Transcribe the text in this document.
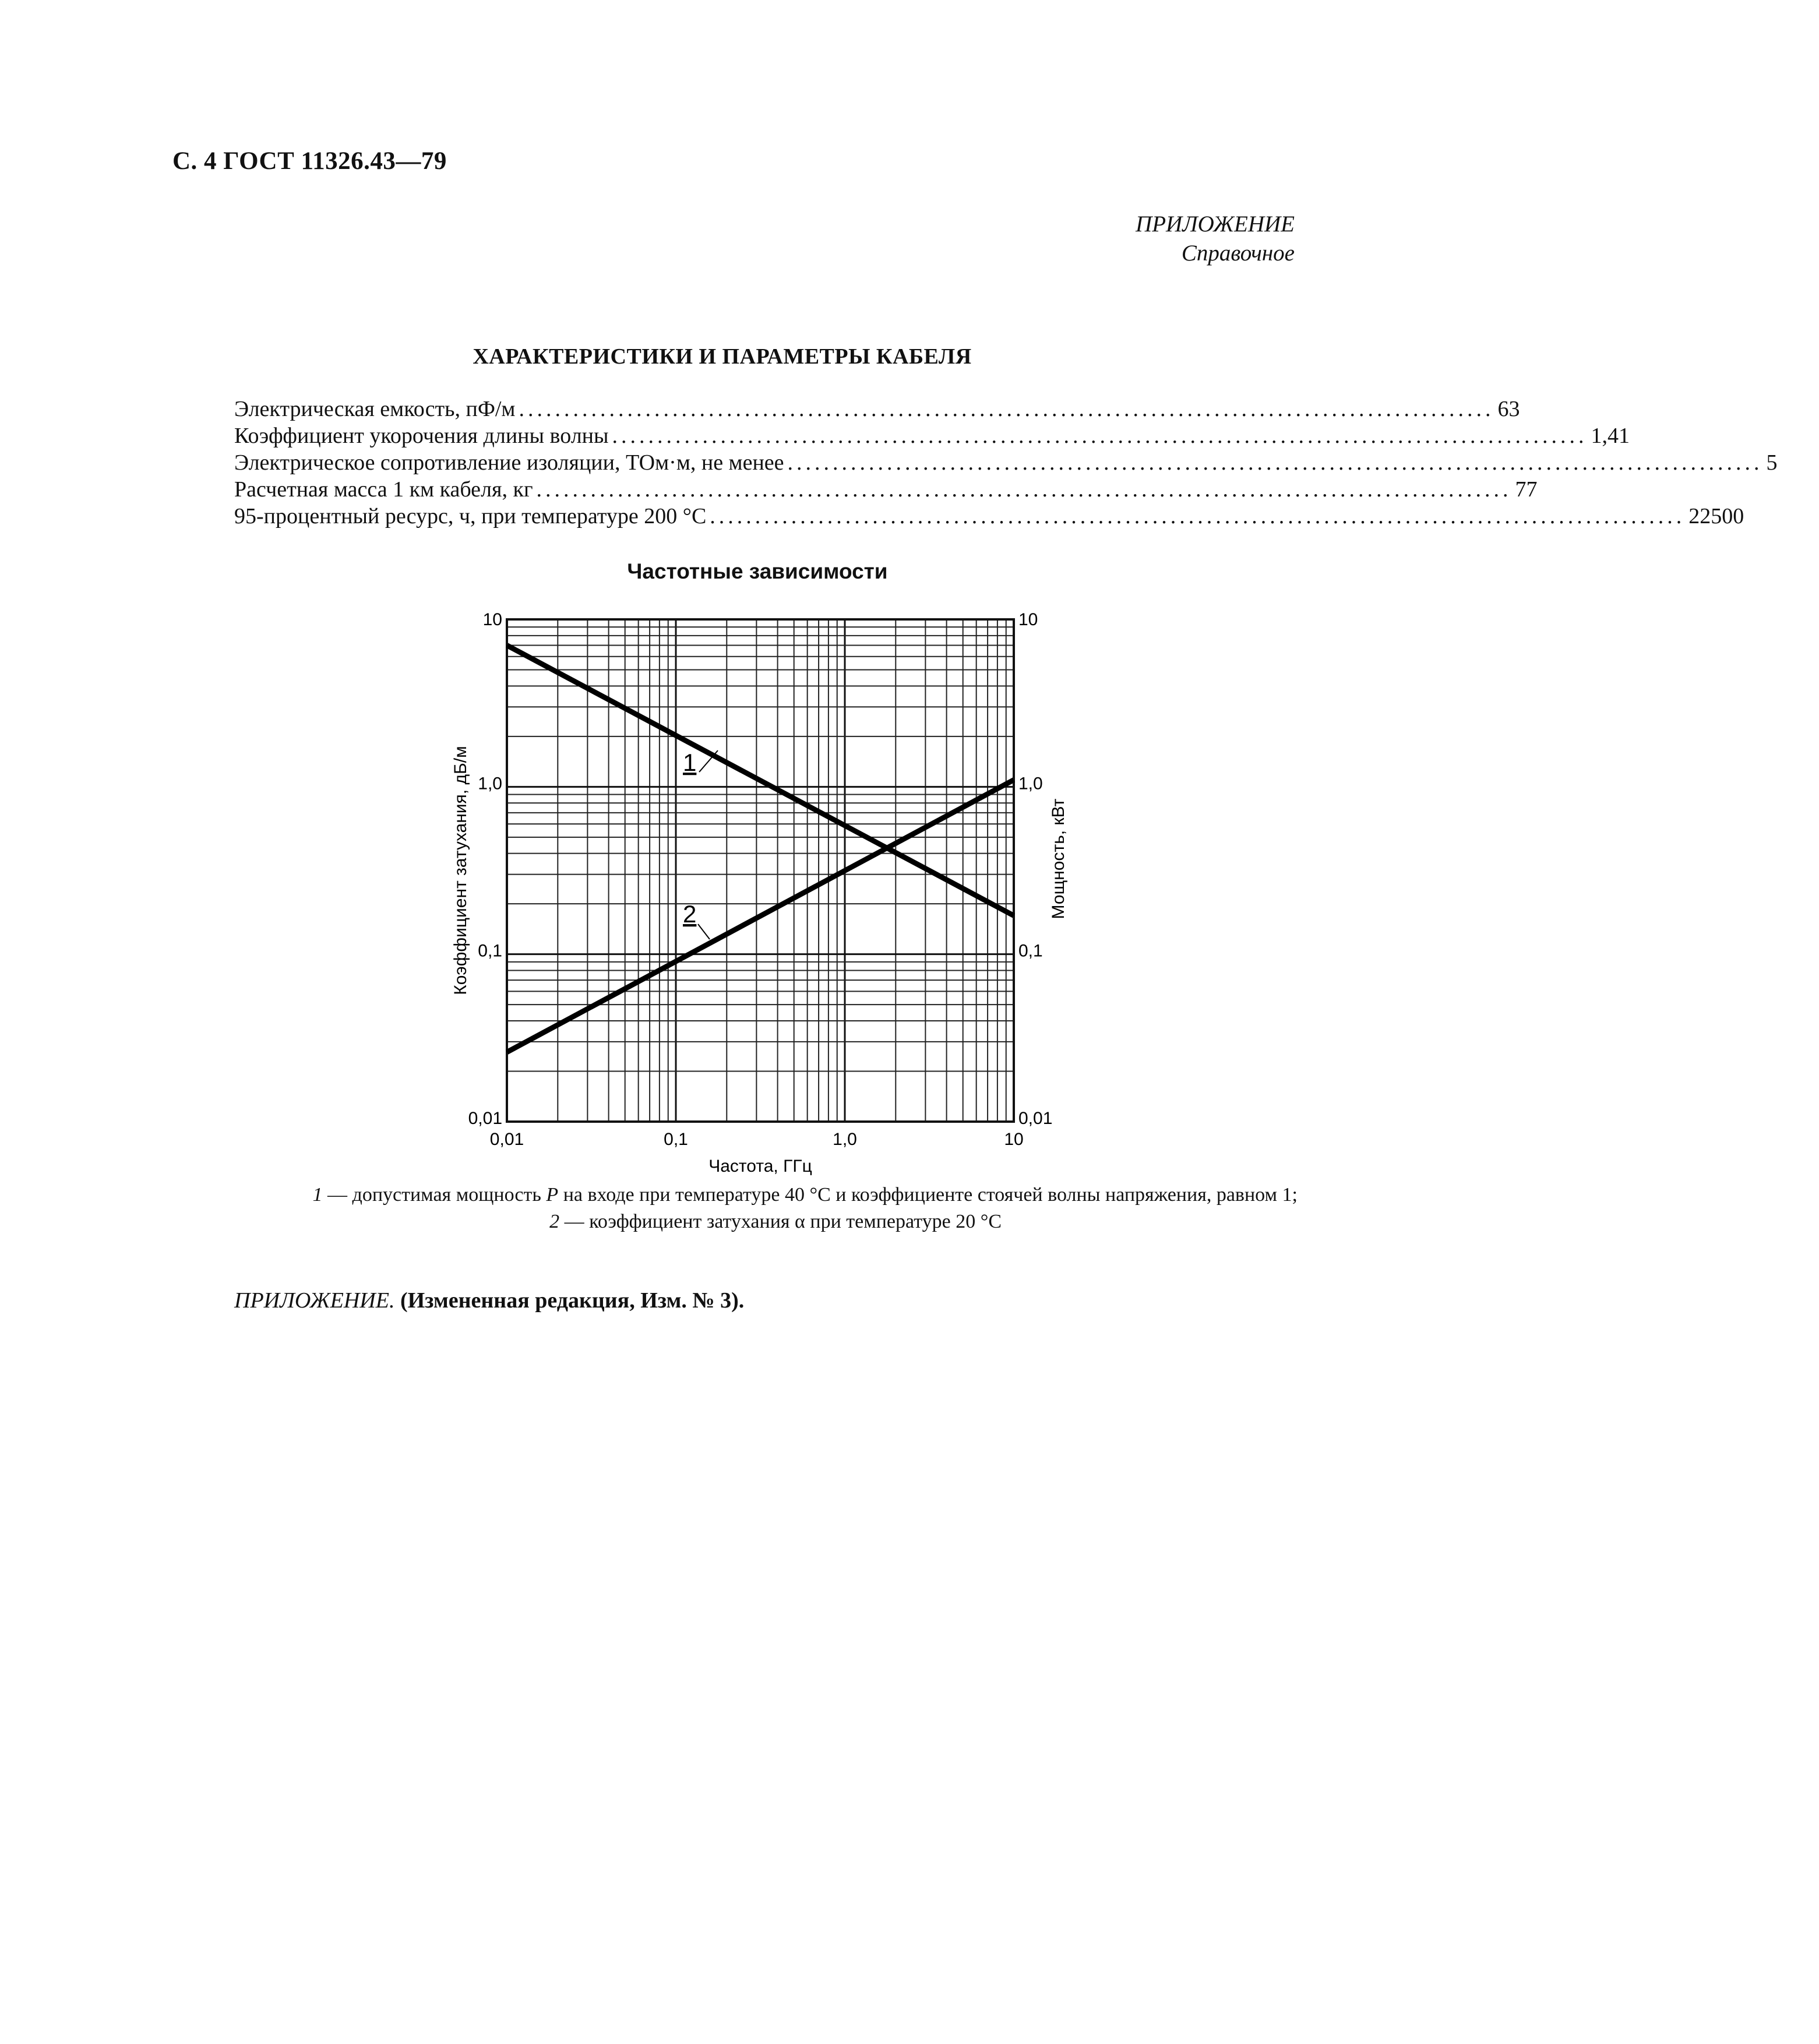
С. 4 ГОСТ 11326.43—79
ПРИЛОЖЕНИЕ
Справочное
ХАРАКТЕРИСТИКИ И ПАРАМЕТРЫ КАБЕЛЯ
Электрическая емкость, пФ/м ............................................................................................................ 63
Коэффициент укорочения длины волны ............................................................................................................ 1,41
Электрическое сопротивление изоляции, ТОм·м, не менее ............................................................................................................ 5
Расчетная масса 1 км кабеля, кг ............................................................................................................ 77
95-процентный ресурс, ч, при температуре 200 °С ............................................................................................................ 22500
Частотные зависимости
1
2
0,01	0,1	1,0	10
0,01
0,1
1,0
10
0,01
0,1
1,0
10
Частота, ГГц
Коэффициент затухания, дБ/м	Мощность, кВт
1 — допустимая мощность P на входе при температуре 40 °С и коэффициенте стоячей волны напряжения, равном 1;
2 — коэффициент затухания α при температуре 20 °С
ПРИЛОЖЕНИЕ. (Измененная редакция, Изм. № 3).
